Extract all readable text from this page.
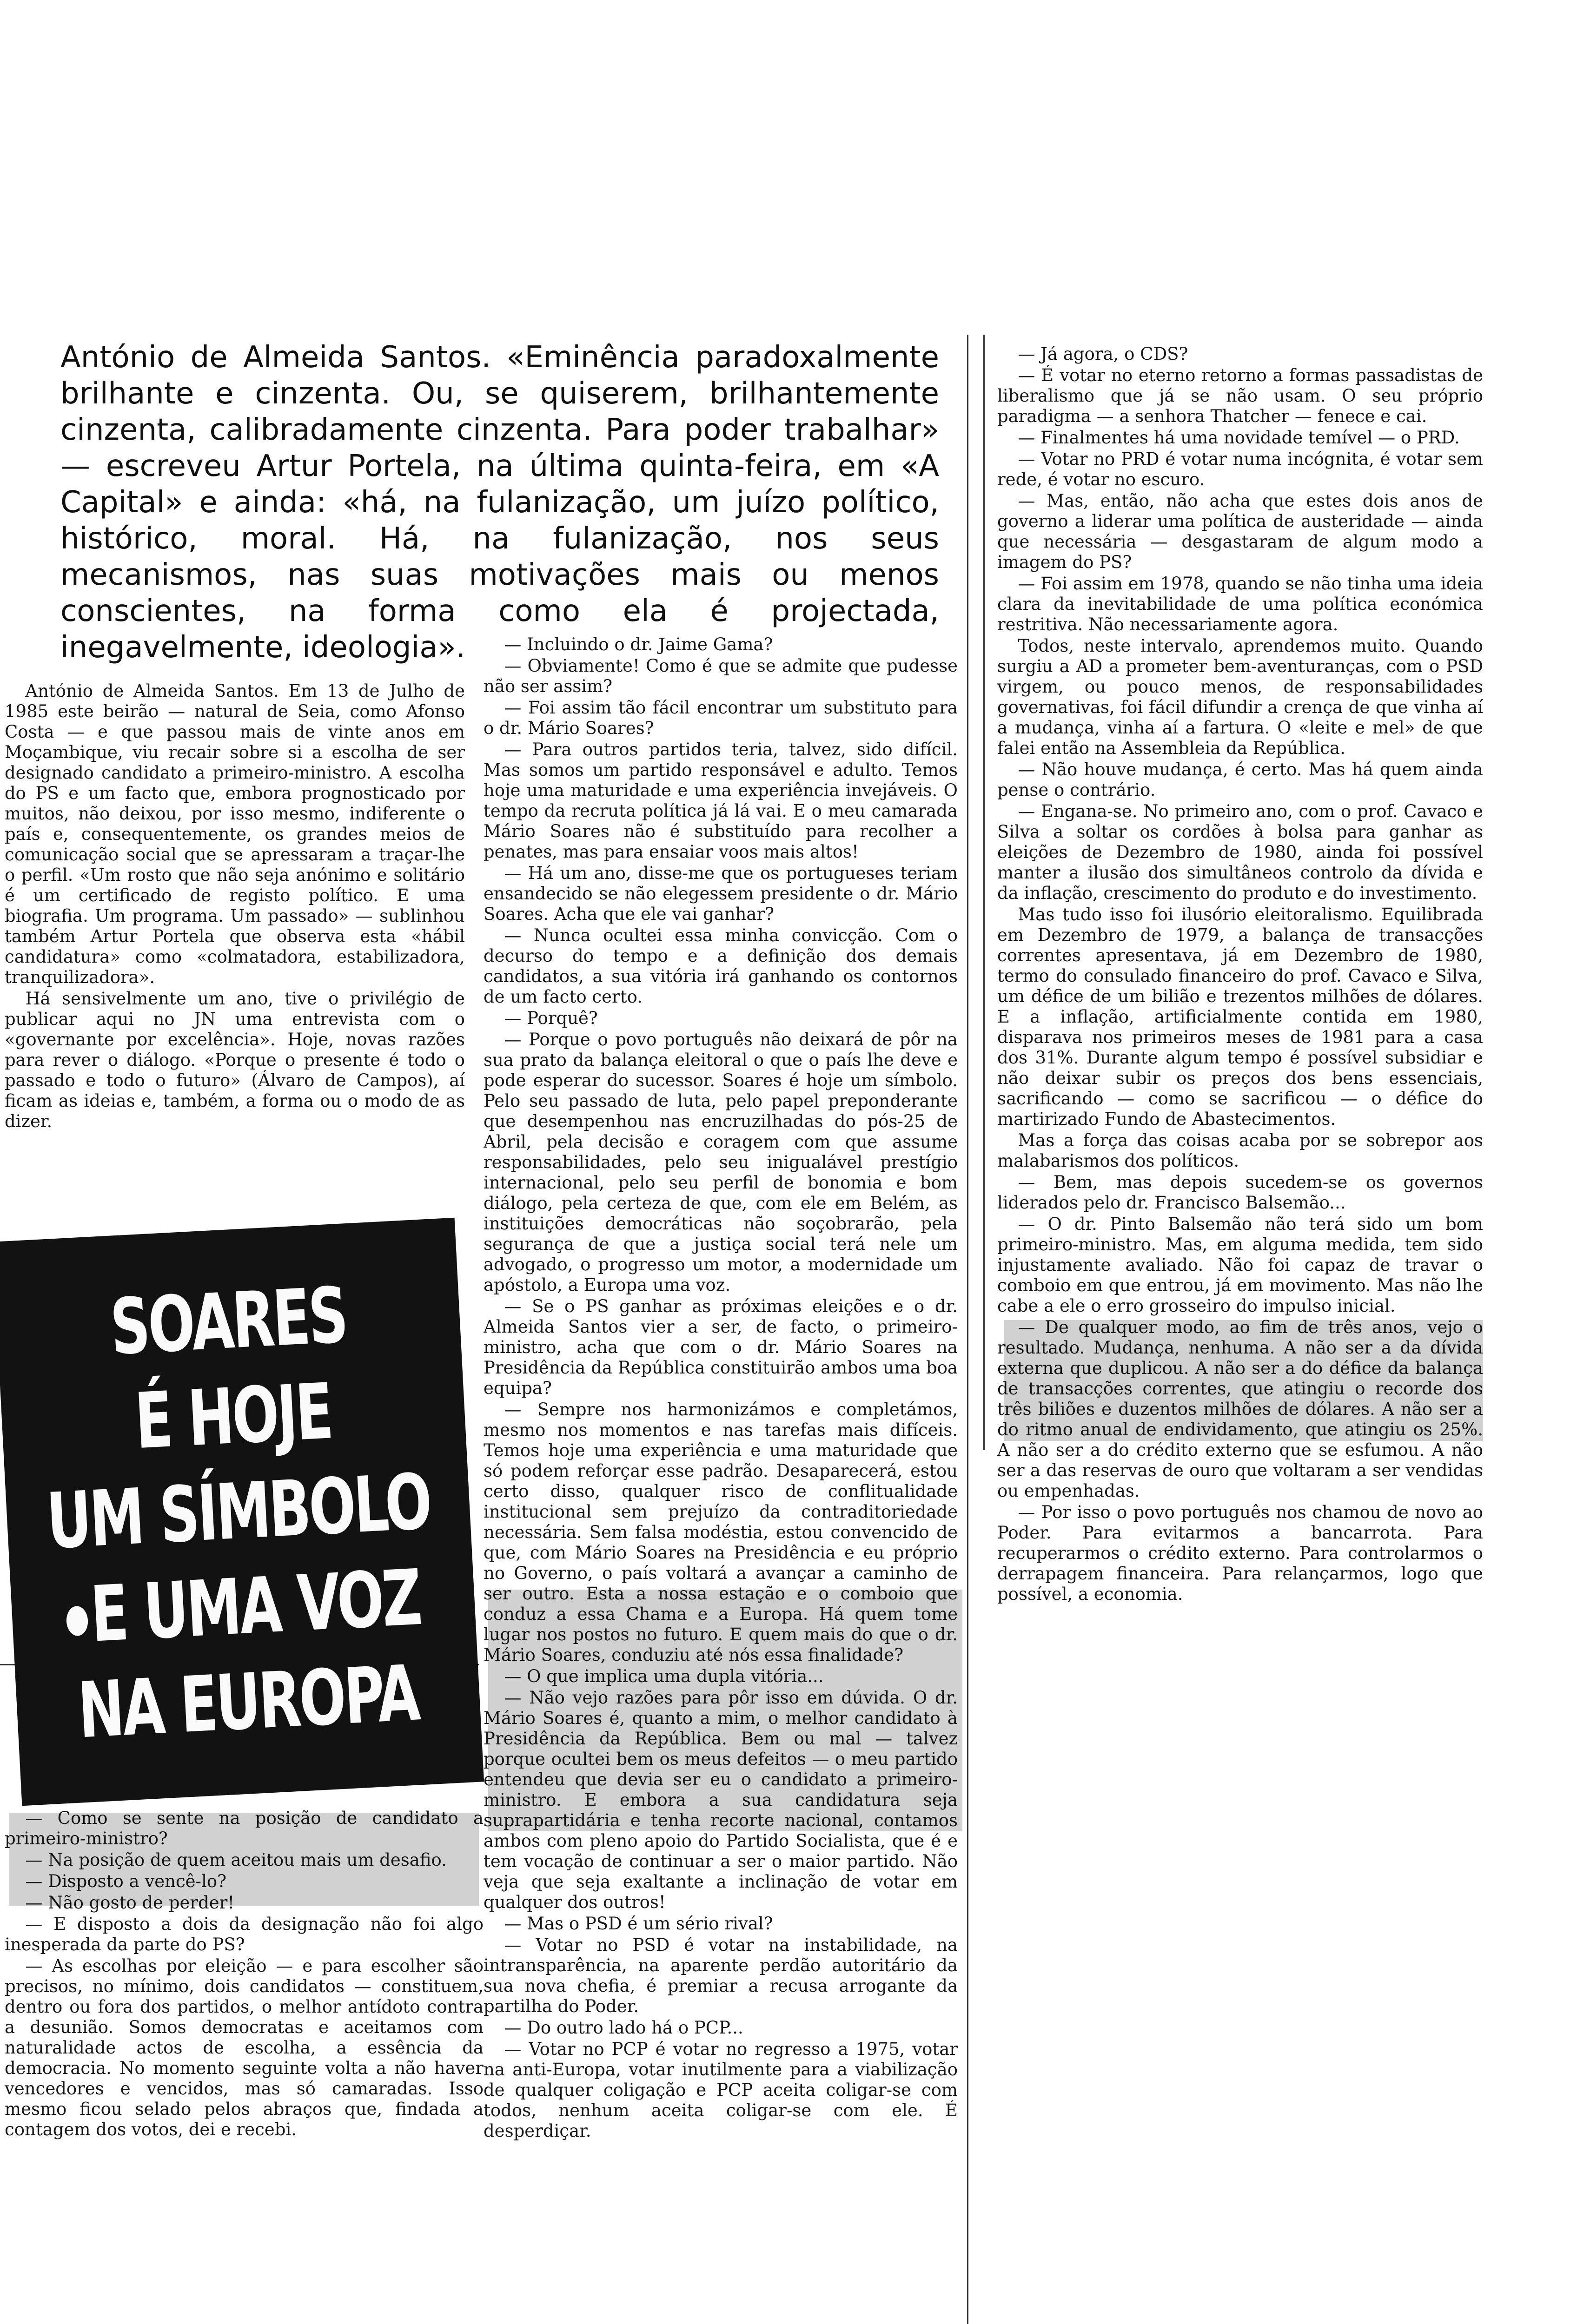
António de Almeida Santos. «Eminência paradoxalmente brilhante e cinzenta. Ou, se quiserem, brilhantemente cinzenta, calibradamente cinzenta. Para poder trabalhar» — escreveu Artur Portela, na última quinta-feira, em «A Capital» e ainda: «há, na fulanização, um juízo político, histórico, moral. Há, na fulanização, nos seus mecanismos, nas suas motivações mais ou menos conscientes, na forma como ela é projectada, inegavelmente, ideologia».

António de Almeida Santos. Em 13 de Julho de 1985 este beirão — natural de Seia, como Afonso Costa — e que passou mais de vinte anos em Moçambique, viu recair sobre si a escolha de ser designado candidato a primeiro-ministro. A escolha do PS e um facto que, embora prognosticado por muitos, não deixou, por isso mesmo, indiferente o país e, consequentemente, os grandes meios de comunicação social que se apressaram a traçar-lhe o perfil. «Um rosto que não seja anónimo e solitário é um certificado de registo político. E uma biografia. Um programa. Um passado» — sublinhou também Artur Portela que observa esta «hábil candidatura» como «colmatadora, estabilizadora, tranquilizadora».

Há sensivelmente um ano, tive o privilégio de publicar aqui no JN uma entrevista com o «governante por excelência». Hoje, novas razões para rever o diálogo. «Porque o presente é todo o passado e todo o futuro» (Álvaro de Campos), aí ficam as ideias e, também, a forma ou o modo de as dizer.

SOARES
É HOJE
UM SÍMBOLO
E UMA VOZ
NA EUROPA

— Como se sente na posição de candidato a primeiro-ministro?

— Na posição de quem aceitou mais um desafio.

— Disposto a vencê-lo?

— Não gosto de perder!

— E disposto a dois da designação não foi algo inesperada da parte do PS?

— As escolhas por eleição — e para escolher são precisos, no mínimo, dois candidatos — constituem, dentro ou fora dos partidos, o melhor antídoto contra a desunião. Somos democratas e aceitamos com naturalidade actos de escolha, a essência da democracia. No momento seguinte volta a não haver vencedores e vencidos, mas só camaradas. Isso mesmo ficou selado pelos abraços que, findada a contagem dos votos, dei e recebi.

— Incluindo o dr. Jaime Gama?

— Obviamente! Como é que se admite que pudesse não ser assim?

— Foi assim tão fácil encontrar um substituto para o dr. Mário Soares?

— Para outros partidos teria, talvez, sido difícil. Mas somos um partido responsável e adulto. Temos hoje uma maturidade e uma experiência invejáveis. O tempo da recruta política já lá vai. E o meu camarada Mário Soares não é substituído para recolher a penates, mas para ensaiar voos mais altos!

— Há um ano, disse-me que os portugueses teriam ensandecido se não elegessem presidente o dr. Mário Soares. Acha que ele vai ganhar?

— Nunca ocultei essa minha convicção. Com o decurso do tempo e a definição dos demais candidatos, a sua vitória irá ganhando os contornos de um facto certo.

— Porquê?

— Porque o povo português não deixará de pôr na sua prato da balança eleitoral o que o país lhe deve e pode esperar do sucessor. Soares é hoje um símbolo. Pelo seu passado de luta, pelo papel preponderante que desempenhou nas encruzilhadas do pós-25 de Abril, pela decisão e coragem com que assume responsabilidades, pelo seu inigualável prestígio internacional, pelo seu perfil de bonomia e bom diálogo, pela certeza de que, com ele em Belém, as instituições democráticas não soçobrarão, pela segurança de que a justiça social terá nele um advogado, o progresso um motor, a modernidade um apóstolo, a Europa uma voz.

— Se o PS ganhar as próximas eleições e o dr. Almeida Santos vier a ser, de facto, o primeiro-ministro, acha que com o dr. Mário Soares na Presidência da República constituirão ambos uma boa equipa?

— Sempre nos harmonizámos e completámos, mesmo nos momentos e nas tarefas mais difíceis. Temos hoje uma experiência e uma maturidade que só podem reforçar esse padrão. Desaparecerá, estou certo disso, qualquer risco de conflitualidade institucional sem prejuízo da contraditoriedade necessária. Sem falsa modéstia, estou convencido de que, com Mário Soares na Presidência e eu próprio no Governo, o país voltará a avançar a caminho de ser outro. Esta a nossa estação e o comboio que conduz a essa Chama e a Europa. Há quem tome lugar nos postos no futuro. E quem mais do que o dr. Mário Soares, conduziu até nós essa finalidade?

— O que implica uma dupla vitória...

— Não vejo razões para pôr isso em dúvida. O dr. Mário Soares é, quanto a mim, o melhor candidato à Presidência da República. Bem ou mal — talvez porque ocultei bem os meus defeitos — o meu partido entendeu que devia ser eu o candidato a primeiro-ministro. E embora a sua candidatura seja suprapartidária e tenha recorte nacional, contamos ambos com pleno apoio do Partido Socialista, que é e tem vocação de continuar a ser o maior partido. Não veja que seja exaltante a inclinação de votar em qualquer dos outros!

— Mas o PSD é um sério rival?

— Votar no PSD é votar na instabilidade, na intransparência, na aparente perdão autoritário da sua nova chefia, é premiar a recusa arrogante da partilha do Poder.

— Do outro lado há o PCP...

— Votar no PCP é votar no regresso a 1975, votar na anti-Europa, votar inutilmente para a viabilização de qualquer coligação e PCP aceita coligar-se com todos, nenhum aceita coligar-se com ele. É desperdiçar.

— Já agora, o CDS?

— É votar no eterno retorno a formas passadistas de liberalismo que já se não usam. O seu próprio paradigma — a senhora Thatcher — fenece e cai.

— Finalmentes há uma novidade temível — o PRD.

— Votar no PRD é votar numa incógnita, é votar sem rede, é votar no escuro.

— Mas, então, não acha que estes dois anos de governo a liderar uma política de austeridade — ainda que necessária — desgastaram de algum modo a imagem do PS?

— Foi assim em 1978, quando se não tinha uma ideia clara da inevitabilidade de uma política económica restritiva. Não necessariamente agora.

Todos, neste intervalo, aprendemos muito. Quando surgiu a AD a prometer bem-aventuranças, com o PSD virgem, ou pouco menos, de responsabilidades governativas, foi fácil difundir a crença de que vinha aí a mudança, vinha aí a fartura. O «leite e mel» de que falei então na Assembleia da República.

— Não houve mudança, é certo. Mas há quem ainda pense o contrário.

— Engana-se. No primeiro ano, com o prof. Cavaco e Silva a soltar os cordões à bolsa para ganhar as eleições de Dezembro de 1980, ainda foi possível manter a ilusão dos simultâneos controlo da dívida e da inflação, crescimento do produto e do investimento.

Mas tudo isso foi ilusório eleitoralismo. Equilibrada em Dezembro de 1979, a balança de transacções correntes apresentava, já em Dezembro de 1980, termo do consulado financeiro do prof. Cavaco e Silva, um défice de um bilião e trezentos milhões de dólares. E a inflação, artificialmente contida em 1980, disparava nos primeiros meses de 1981 para a casa dos 31%. Durante algum tempo é possível subsidiar e não deixar subir os preços dos bens essenciais, sacrificando — como se sacrificou — o défice do martirizado Fundo de Abastecimentos.

Mas a força das coisas acaba por se sobrepor aos malabarismos dos políticos.

— Bem, mas depois sucedem-se os governos liderados pelo dr. Francisco Balsemão...

— O dr. Pinto Balsemão não terá sido um bom primeiro-ministro. Mas, em alguma medida, tem sido injustamente avaliado. Não foi capaz de travar o comboio em que entrou, já em movimento. Mas não lhe cabe a ele o erro grosseiro do impulso inicial.

— De qualquer modo, ao fim de três anos, vejo o resultado. Mudança, nenhuma. A não ser a da dívida externa que duplicou. A não ser a do défice da balança de transacções correntes, que atingiu o recorde dos três biliões e duzentos milhões de dólares. A não ser a do ritmo anual de endividamento, que atingiu os 25%. A não ser a do crédito externo que se esfumou. A não ser a das reservas de ouro que voltaram a ser vendidas ou empenhadas.

— Por isso o povo português nos chamou de novo ao Poder. Para evitarmos a bancarrota. Para recuperarmos o crédito externo. Para controlarmos o derrapagem financeira. Para relançarmos, logo que possível, a economia.
